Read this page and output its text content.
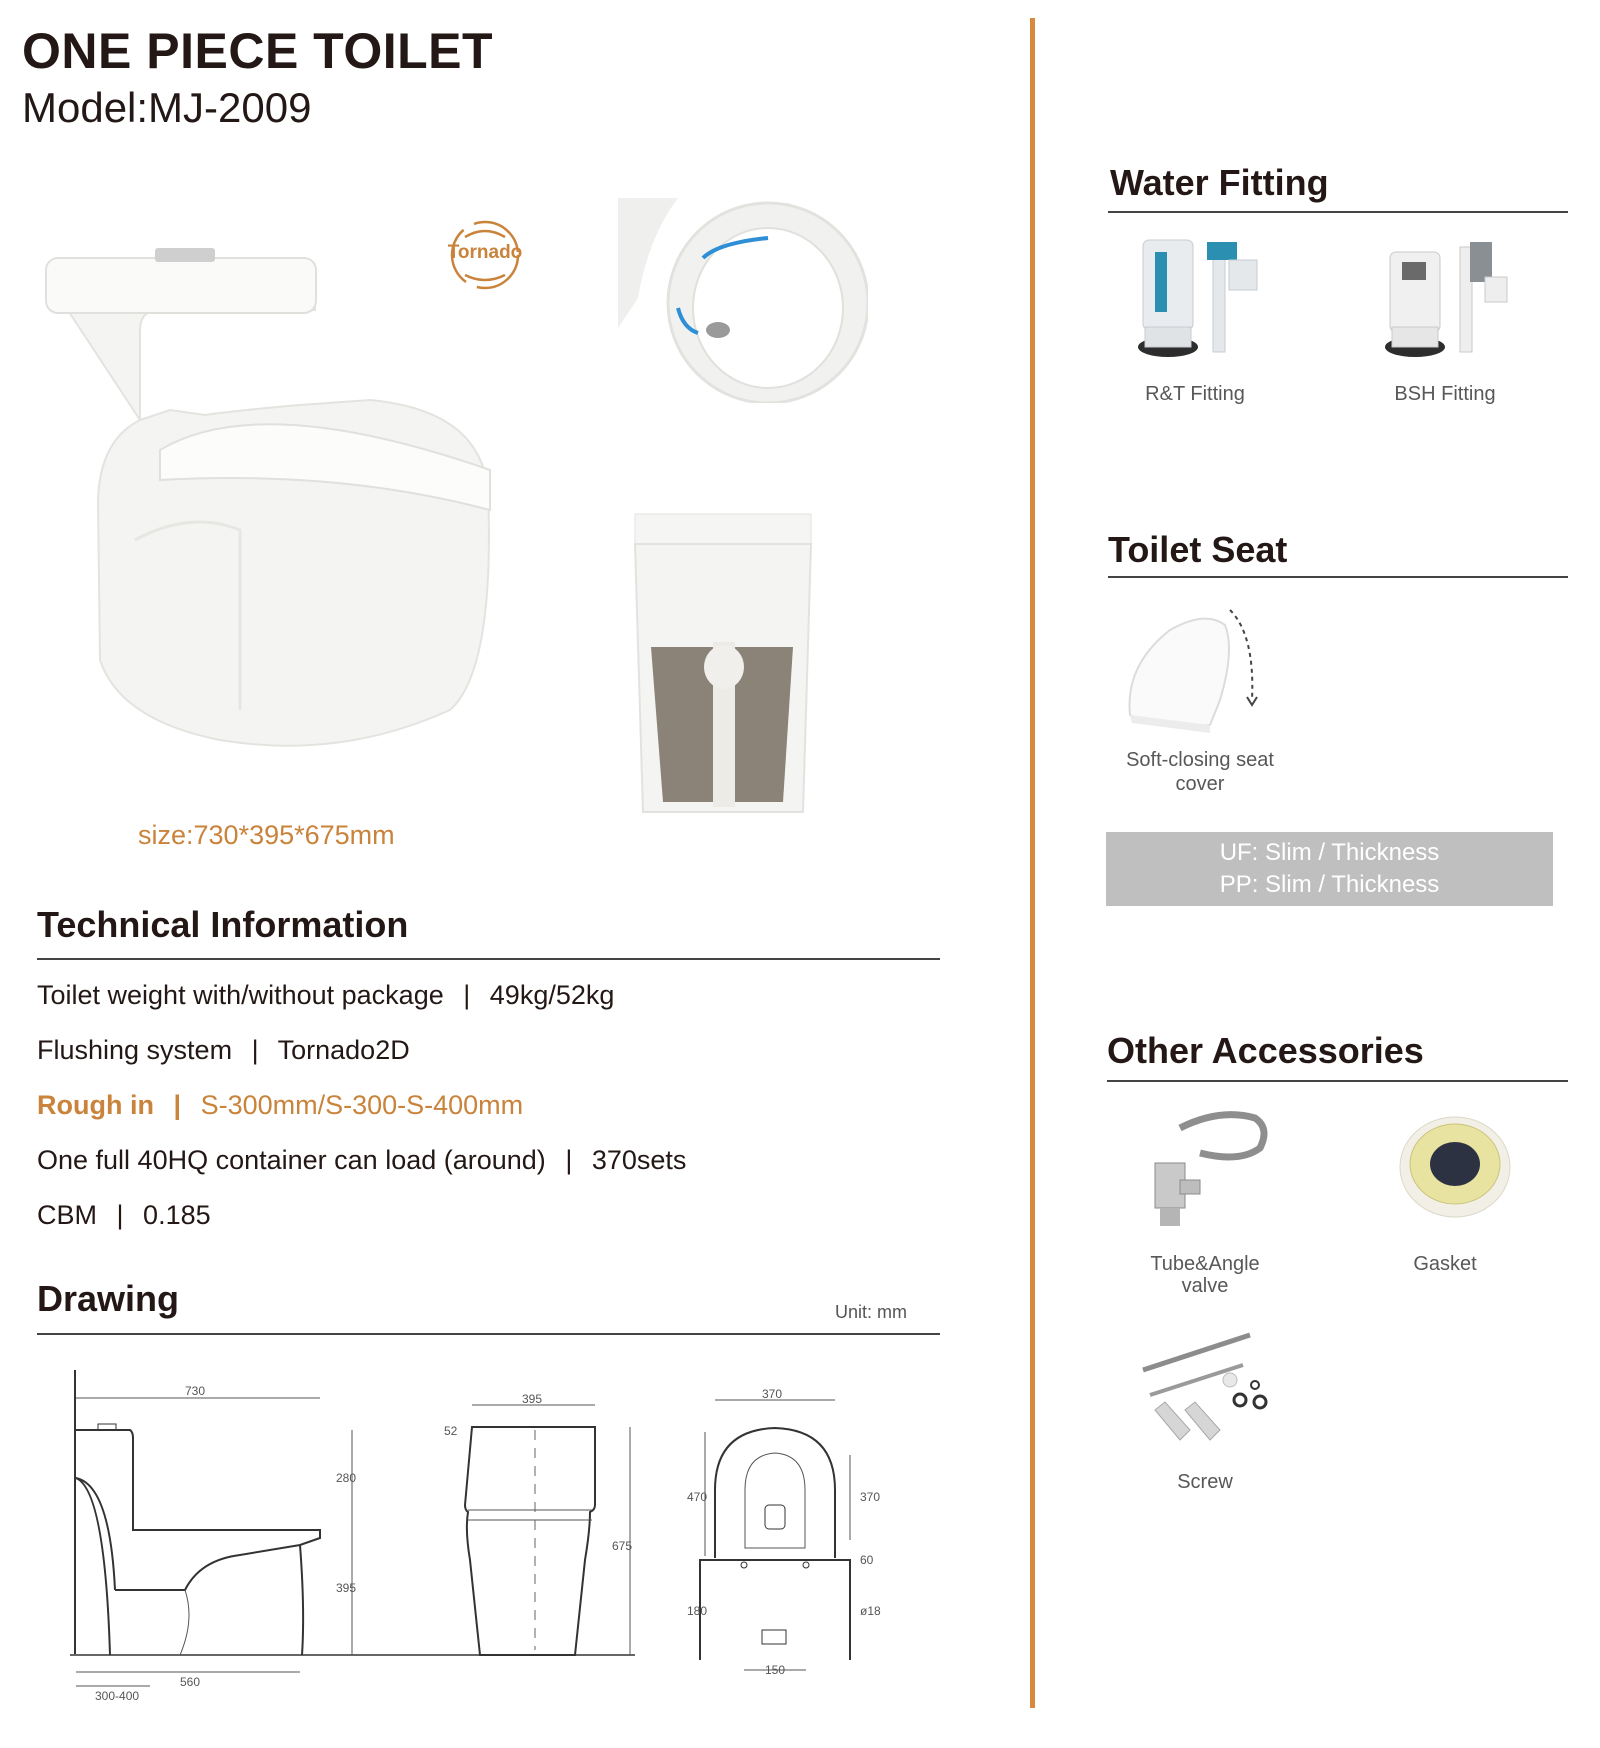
ONE PIECE TOILET
Model:MJ-2009
Tornado
size:730*395*675mm
Technical Information
Toilet weight with/without package | 49kg/52kg
Flushing system | Tornado2D
Rough in | S-300mm/S-300-S-400mm
One full 40HQ container can load (around) | 370sets
CBM | 0.185
Drawing	Unit: mm
730
280
395
560
300-400
395
52
675
370
470	370
60
180	ø18
150
Water Fitting
R&T Fitting	BSH Fitting
Toilet Seat
Soft-closing seat
cover
UF: Slim / Thickness
PP: Slim / Thickness
Other Accessories
Tube&Angle
valve
Gasket
Screw
